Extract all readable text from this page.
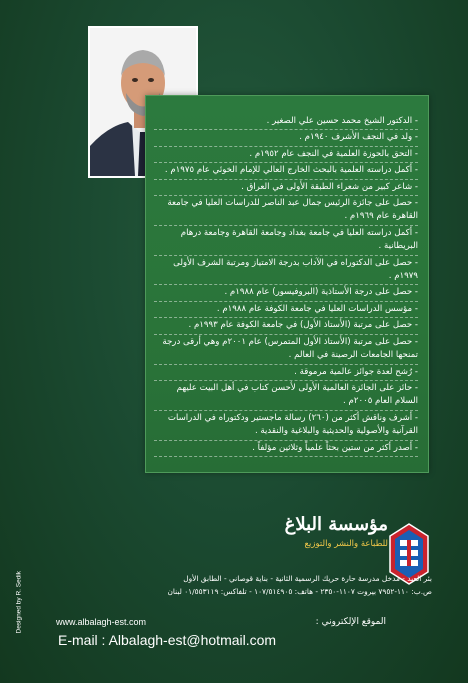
- الدكتور الشيخ محمد حسين علي الصغير .
- ولد في النجف الأشرف ١٩٤٠م .
- التحق بالحوزة العلمية في النجف عام ١٩٥٢م .
- أكمل دراسته العلمية بالبحث الخارج العالي للإمام الخوئي عام ١٩٧٥م .
- شاعر كبير من شعراء الطبقة الأولى في العراق .
- حصل على جائزة الرئيس جمال عبد الناصر للدراسات العليا في جامعة القاهرة عام ١٩٦٩م .
- أكمل دراسته العليا في جامعة بغداد وجامعة القاهرة وجامعة درهام البريطانية .
- حصل على الدكتوراه في الآداب بدرجة الامتياز ومرتبة الشرف الأولى ١٩٧٩م .
- حصل على درجة الأستاذية (البروفيسور) عام ١٩٨٨م .
- مؤسس الدراسات العليا في جامعة الكوفة عام ١٩٨٨م .
- حصل على مرتبة (الأستاذ الأول) في جامعة الكوفة عام ١٩٩٣م .
- حصل على مرتبة (الأستاذ الأول المتمرس) عام ٢٠٠١م وهي أرقى درجة تمنحها الجامعات الرصينة في العالم .
- رُشح لعدة جوائز عالمية مرموقة .
- حائز على الجائزة العالمية الأولى لأحسن كتاب في أهل البيت عليهم السلام العام ٢٠٠٥م .
- أشرف وناقش أكثر من (٢٦٠) رسالة ماجستير ودكتوراه في الدراسات القرآنية والأصولية والحديثية والبلاغية والنقدية .
- أصدر أكثر من ستين بحثاً علمياً وثلاثين مؤلفاً .
مؤسسة البلاغ
للطباعة والنشر والتوزيع
بئر العبد - مدخل مدرسة حارة حريك الرسمية الثانية - بناية قوصاني - الطابق الأول
ص.ب: ١١٠-٧٩٥٢ بيروت ١١٠٧-٢٣٥٠ - هاتف: ١٠٧/٥١٤٩٠٥ - تلفاكس: ٠١/٥٥٣١١٩ لبنان
www.albalagh-est.com	الموقع الإلكتروني :
E-mail : Albalagh-est@hotmail.com
Designed by R. Sedik
